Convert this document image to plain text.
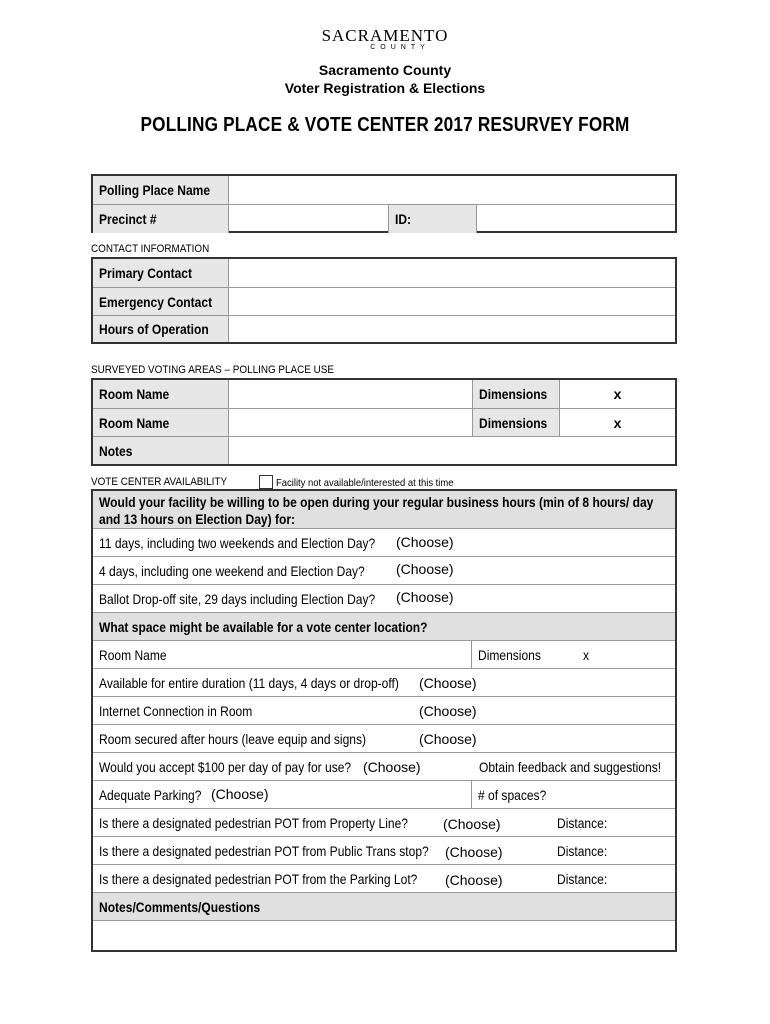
SACRAMENTO
COUNTY
Sacramento County
Voter Registration & Elections
POLLING PLACE & VOTE CENTER 2017 RESURVEY FORM
Polling Place Name
Precinct #	ID:
CONTACT INFORMATION
Primary Contact
Emergency Contact
Hours of Operation
SURVEYED VOTING AREAS – POLLING PLACE USE
Room Name	Dimensions	x
Room Name	Dimensions	x
Notes
VOTE CENTER AVAILABILITY	Facility not available/interested at this time
Would your facility be willing to be open during your regular business hours (min of 8 hours/ day
and 13 hours on Election Day) for:
11 days, including two weekends and Election Day? (Choose)
4 days, including one weekend and Election Day? (Choose)
Ballot Drop-off site, 29 days including Election Day? (Choose)
What space might be available for a vote center location?
Room Name	Dimensions	x
Available for entire duration (11 days, 4 days or drop-off) (Choose)
Internet Connection in Room	(Choose)
Room secured after hours (leave equip and signs)	(Choose)
Would you accept $100 per day of pay for use? (Choose)	Obtain feedback and suggestions!
Adequate Parking? (Choose)	# of spaces?
Is there a designated pedestrian POT from Property Line?	(Choose)	Distance:
Is there a designated pedestrian POT from Public Trans stop? (Choose)	Distance:
Is there a designated pedestrian POT from the Parking Lot? (Choose)	Distance:
Notes/Comments/Questions
